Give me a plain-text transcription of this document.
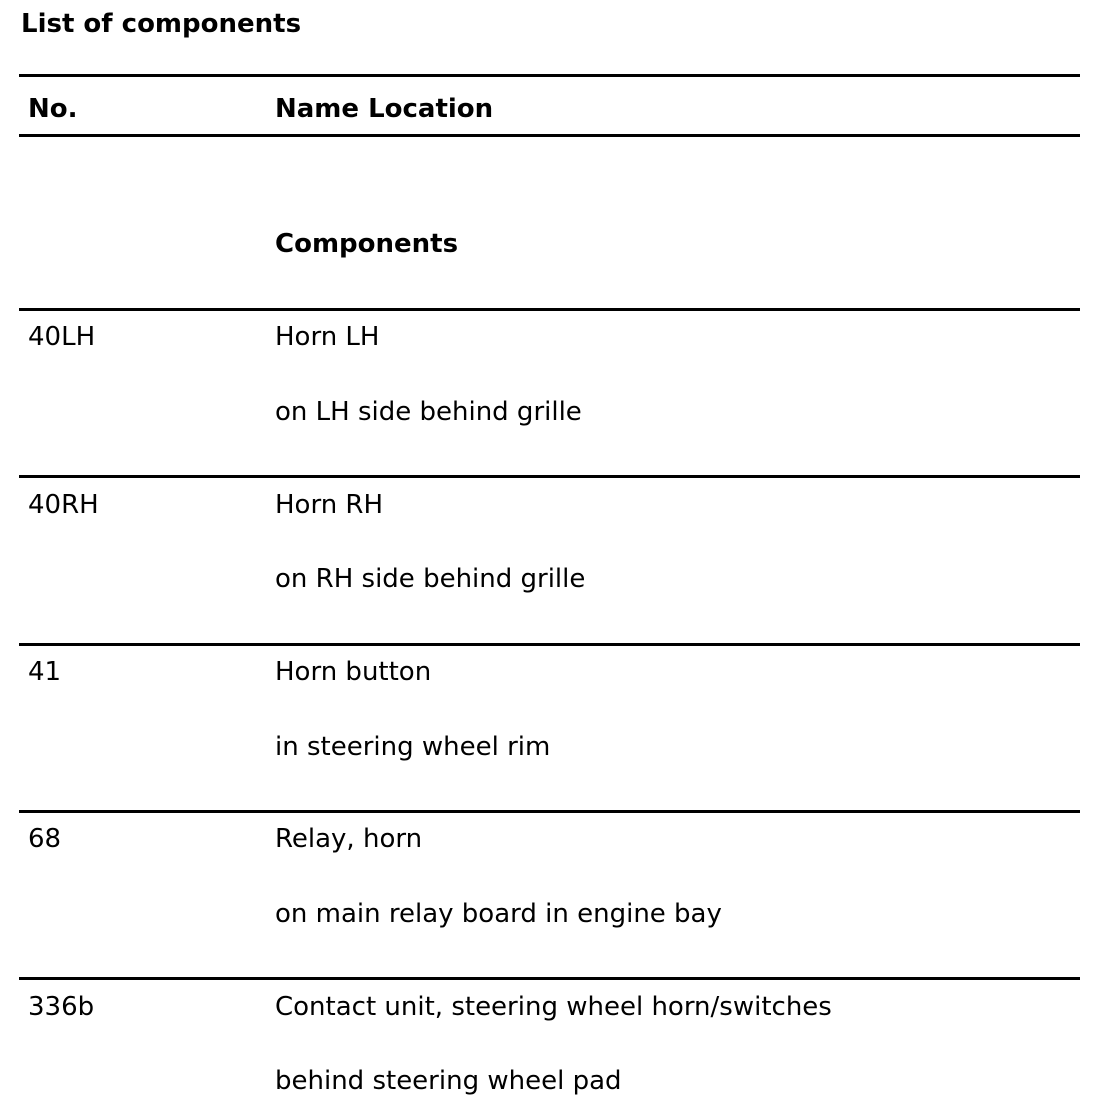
List of components
No.	Name Location
Components
40LH	Horn LH
on LH side behind grille
40RH	Horn RH
on RH side behind grille
41	Horn button
in steering wheel rim
68	Relay, horn
on main relay board in engine bay
336b	Contact unit, steering wheel horn/switches
behind steering wheel pad
